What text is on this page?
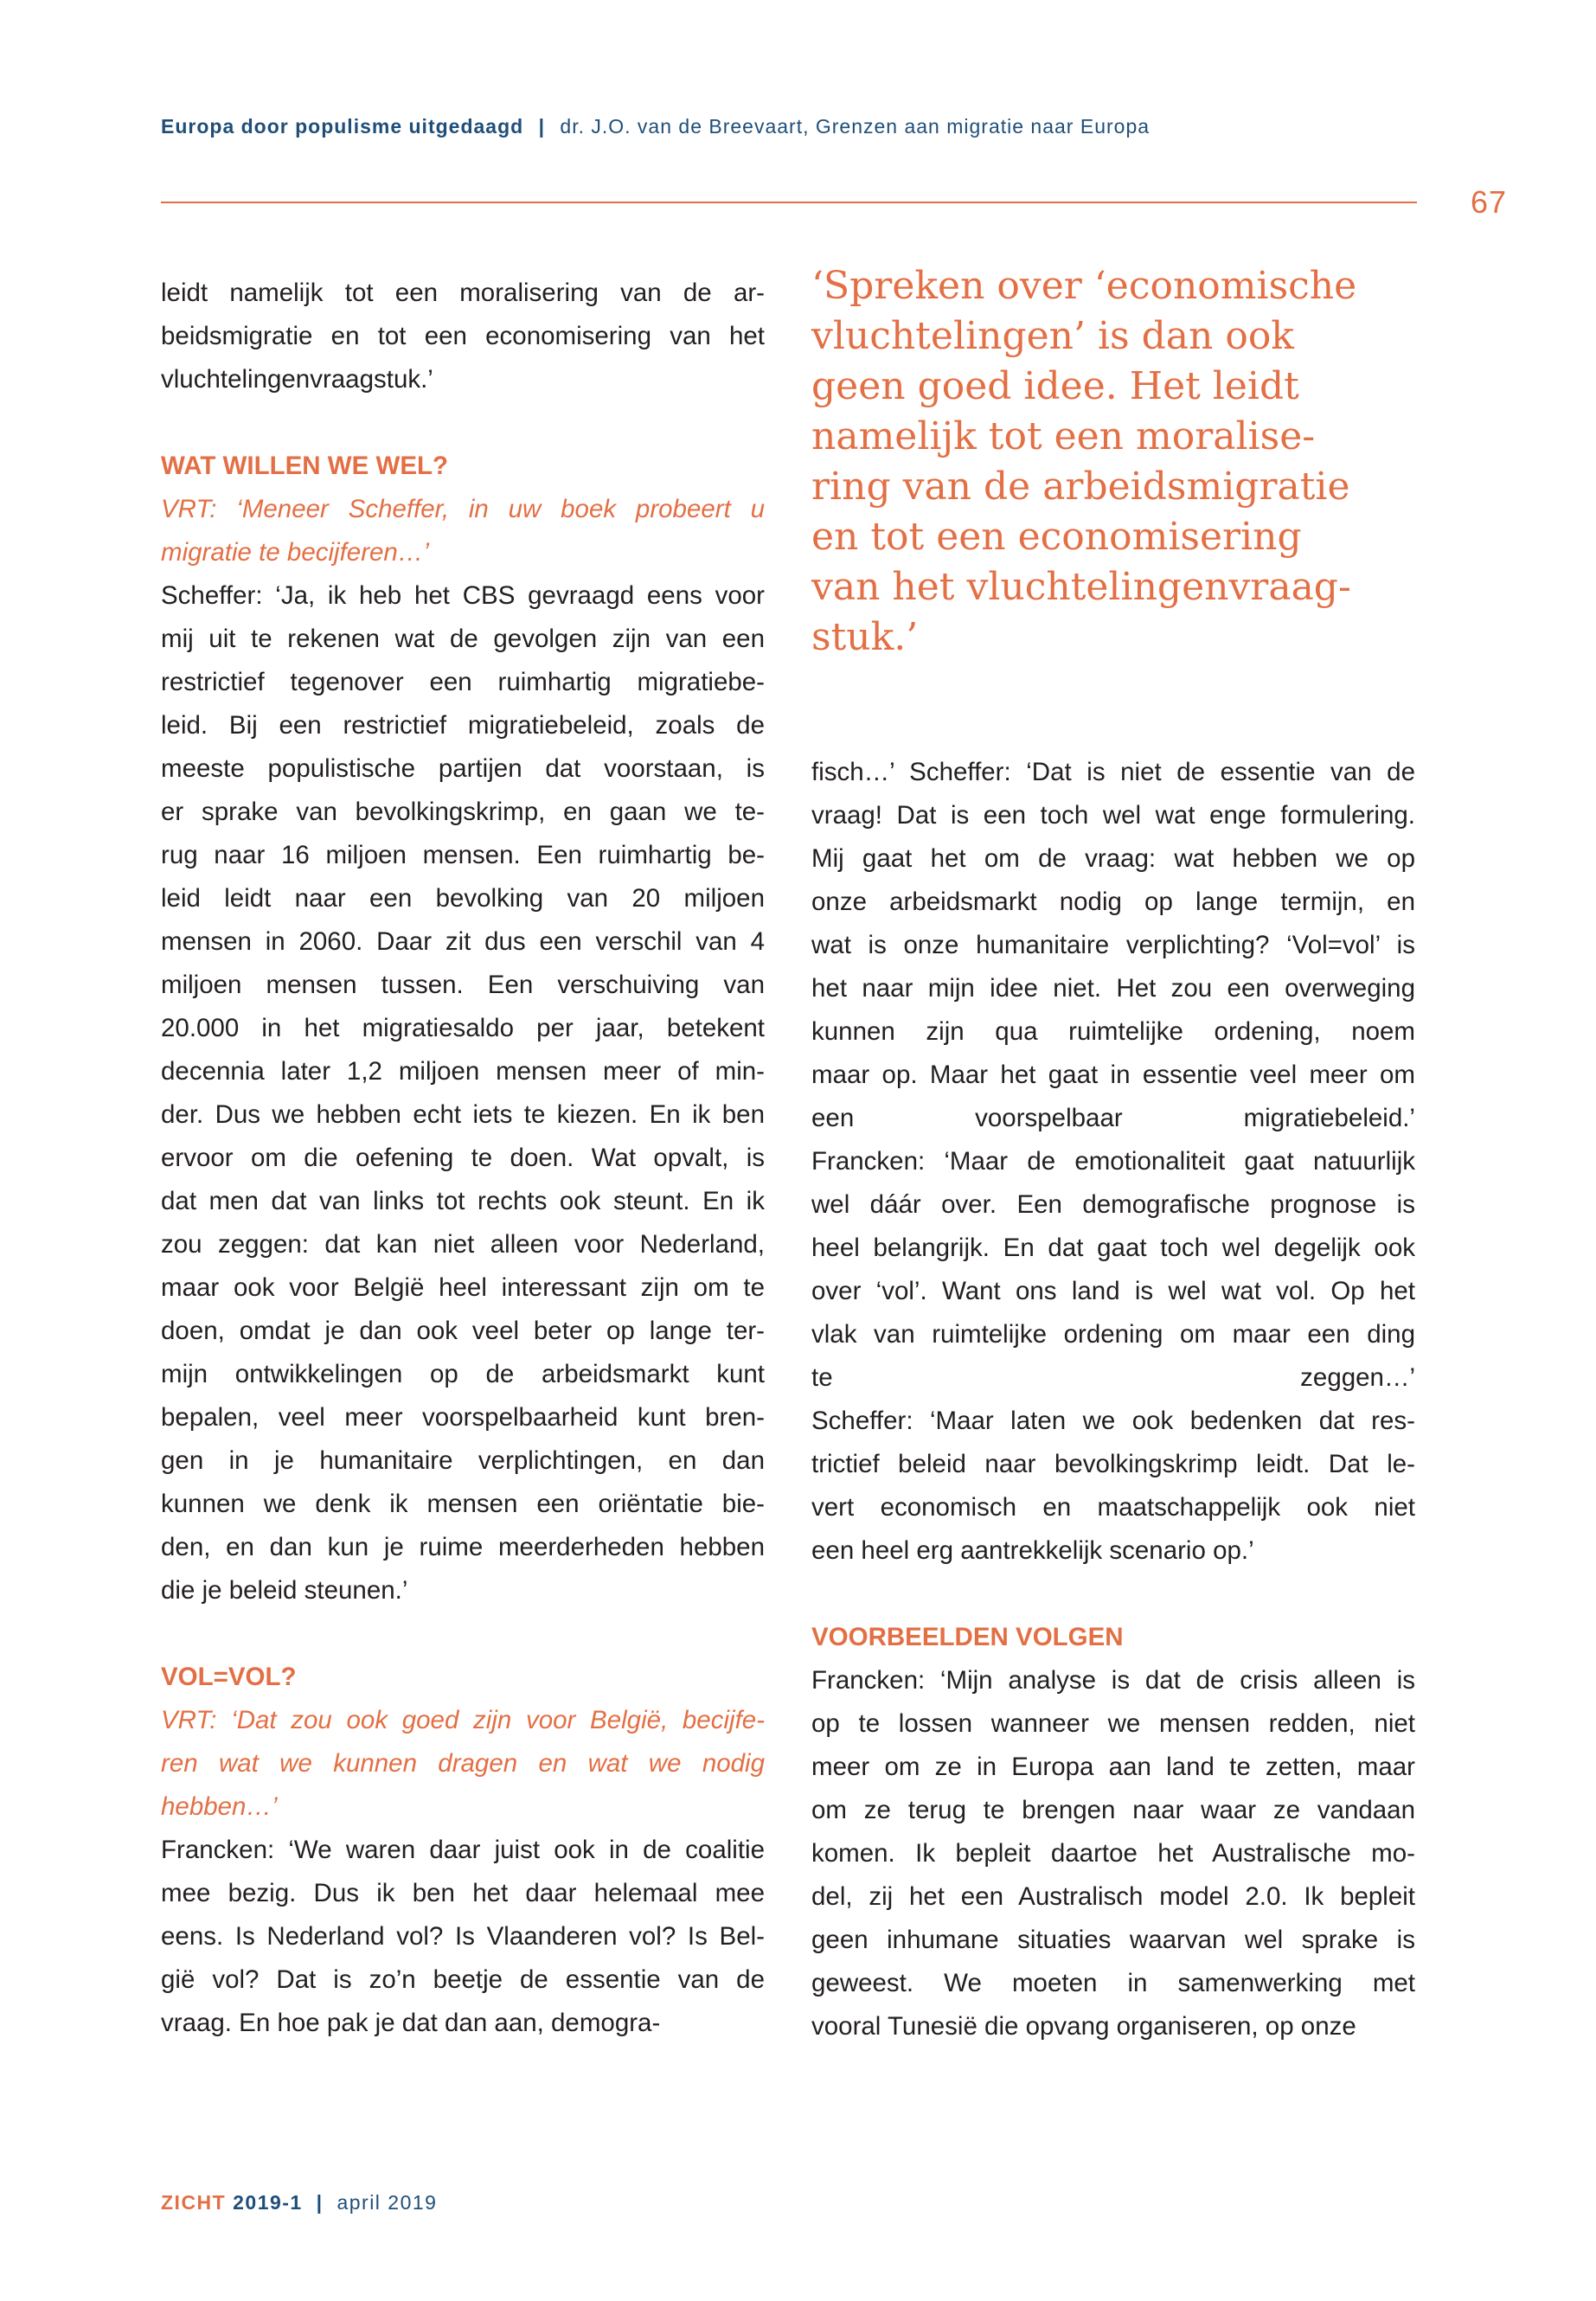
Europa door populisme uitgedaagd | dr. J.O. van de Breevaart, Grenzen aan migratie naar Europa
67

leidt namelijk tot een moralisering van de ar-

beidsmigratie en tot een economisering van het

vluchtelingenvraagstuk.’

WAT WILLEN WE WEL?

VRT: ‘Meneer Scheffer, in uw boek probeert u

migratie te becijferen…’

Scheffer: ‘Ja, ik heb het CBS gevraagd eens voor

mij uit te rekenen wat de gevolgen zijn van een

restrictief tegenover een ruimhartig migratiebe-

leid. Bij een restrictief migratiebeleid, zoals de

meeste populistische partijen dat voorstaan, is

er sprake van bevolkingskrimp, en gaan we te-

rug naar 16 miljoen mensen. Een ruimhartig be-

leid leidt naar een bevolking van 20 miljoen

mensen in 2060. Daar zit dus een verschil van 4

miljoen mensen tussen. Een verschuiving van

20.000 in het migratiesaldo per jaar, betekent

decennia later 1,2 miljoen mensen meer of min-

der. Dus we hebben echt iets te kiezen. En ik ben

ervoor om die oefening te doen. Wat opvalt, is

dat men dat van links tot rechts ook steunt. En ik

zou zeggen: dat kan niet alleen voor Nederland,

maar ook voor België heel interessant zijn om te

doen, omdat je dan ook veel beter op lange ter-

mijn ontwikkelingen op de arbeidsmarkt kunt

bepalen, veel meer voorspelbaarheid kunt bren-

gen in je humanitaire verplichtingen, en dan

kunnen we denk ik mensen een oriëntatie bie-

den, en dan kun je ruime meerderheden hebben

die je beleid steunen.’

VOL=VOL?

VRT: ‘Dat zou ook goed zijn voor België, becijfe-

ren wat we kunnen dragen en wat we nodig

hebben…’

Francken: ‘We waren daar juist ook in de coalitie

mee bezig. Dus ik ben het daar helemaal mee

eens. Is Nederland vol? Is Vlaanderen vol? Is Bel-

gië vol? Dat is zo’n beetje de essentie van de

vraag. En hoe pak je dat dan aan, demogra-

‘Spreken over ‘economische

vluchtelingen’ is dan ook

geen goed idee. Het leidt

namelijk tot een moralise-

ring van de arbeidsmigratie

en tot een economisering

van het vluchtelingenvraag-

stuk.’

fisch…’ Scheffer: ‘Dat is niet de essentie van de

vraag! Dat is een toch wel wat enge formulering.

Mij gaat het om de vraag: wat hebben we op

onze arbeidsmarkt nodig op lange termijn, en

wat is onze humanitaire verplichting? ‘Vol=vol’ is

het naar mijn idee niet. Het zou een overweging

kunnen zijn qua ruimtelijke ordening, noem

maar op. Maar het gaat in essentie veel meer om

een voorspelbaar migratiebeleid.’

Francken: ‘Maar de emotionaliteit gaat natuurlijk

wel dáár over. Een demografische prognose is

heel belangrijk. En dat gaat toch wel degelijk ook

over ‘vol’. Want ons land is wel wat vol. Op het

vlak van ruimtelijke ordening om maar een ding

te zeggen…’

Scheffer: ‘Maar laten we ook bedenken dat res-

trictief beleid naar bevolkingskrimp leidt. Dat le-

vert economisch en maatschappelijk ook niet

een heel erg aantrekkelijk scenario op.’

VOORBEELDEN VOLGEN

Francken: ‘Mijn analyse is dat de crisis alleen is

op te lossen wanneer we mensen redden, niet

meer om ze in Europa aan land te zetten, maar

om ze terug te brengen naar waar ze vandaan

komen. Ik bepleit daartoe het Australische mo-

del, zij het een Australisch model 2.0. Ik bepleit

geen inhumane situaties waarvan wel sprake is

geweest. We moeten in samenwerking met

vooral Tunesië die opvang organiseren, op onze

ZICHT 2019-1 | april 2019
